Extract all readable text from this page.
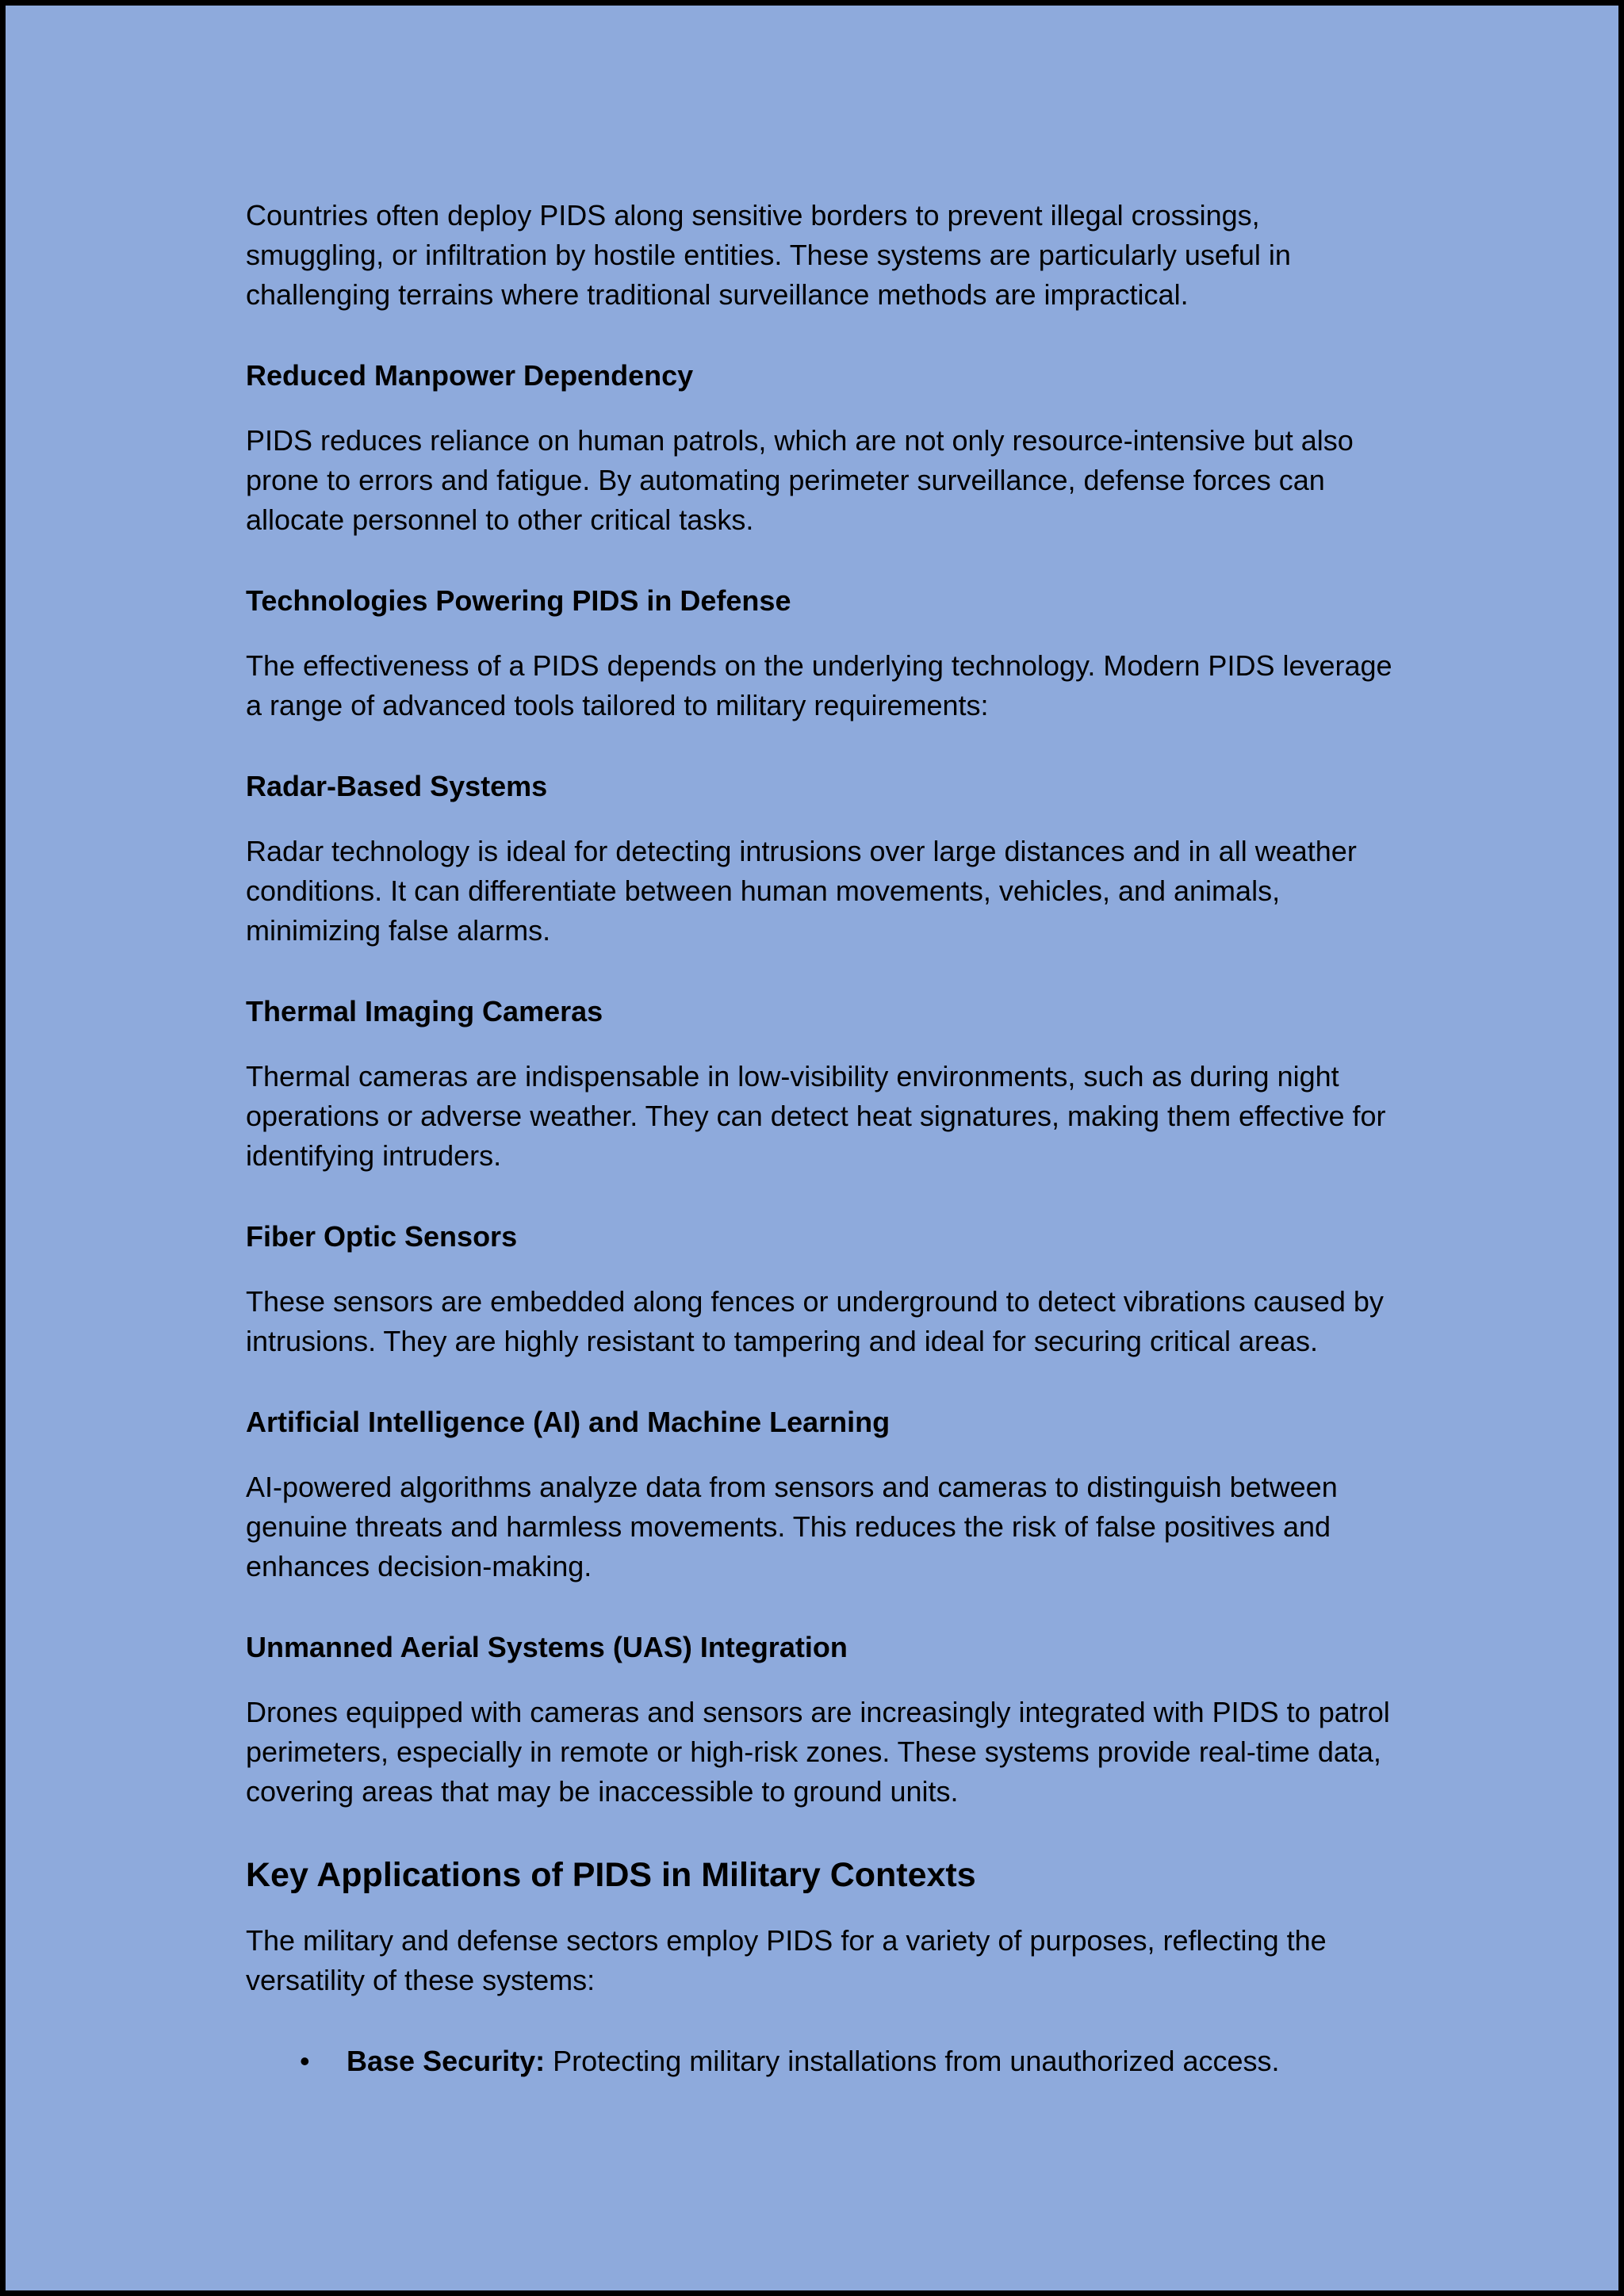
Countries often deploy PIDS along sensitive borders to prevent illegal crossings, smuggling, or infiltration by hostile entities. These systems are particularly useful in challenging terrains where traditional surveillance methods are impractical.

Reduced Manpower Dependency

PIDS reduces reliance on human patrols, which are not only resource-intensive but also prone to errors and fatigue. By automating perimeter surveillance, defense forces can allocate personnel to other critical tasks.

Technologies Powering PIDS in Defense

The effectiveness of a PIDS depends on the underlying technology. Modern PIDS leverage a range of advanced tools tailored to military requirements:

Radar-Based Systems

Radar technology is ideal for detecting intrusions over large distances and in all weather conditions. It can differentiate between human movements, vehicles, and animals, minimizing false alarms.

Thermal Imaging Cameras

Thermal cameras are indispensable in low-visibility environments, such as during night operations or adverse weather. They can detect heat signatures, making them effective for identifying intruders.

Fiber Optic Sensors

These sensors are embedded along fences or underground to detect vibrations caused by intrusions. They are highly resistant to tampering and ideal for securing critical areas.

Artificial Intelligence (AI) and Machine Learning

AI-powered algorithms analyze data from sensors and cameras to distinguish between genuine threats and harmless movements. This reduces the risk of false positives and enhances decision-making.

Unmanned Aerial Systems (UAS) Integration

Drones equipped with cameras and sensors are increasingly integrated with PIDS to patrol perimeters, especially in remote or high-risk zones. These systems provide real-time data, covering areas that may be inaccessible to ground units.

Key Applications of PIDS in Military Contexts

The military and defense sectors employ PIDS for a variety of purposes, reflecting the versatility of these systems:

• Base Security: Protecting military installations from unauthorized access.
